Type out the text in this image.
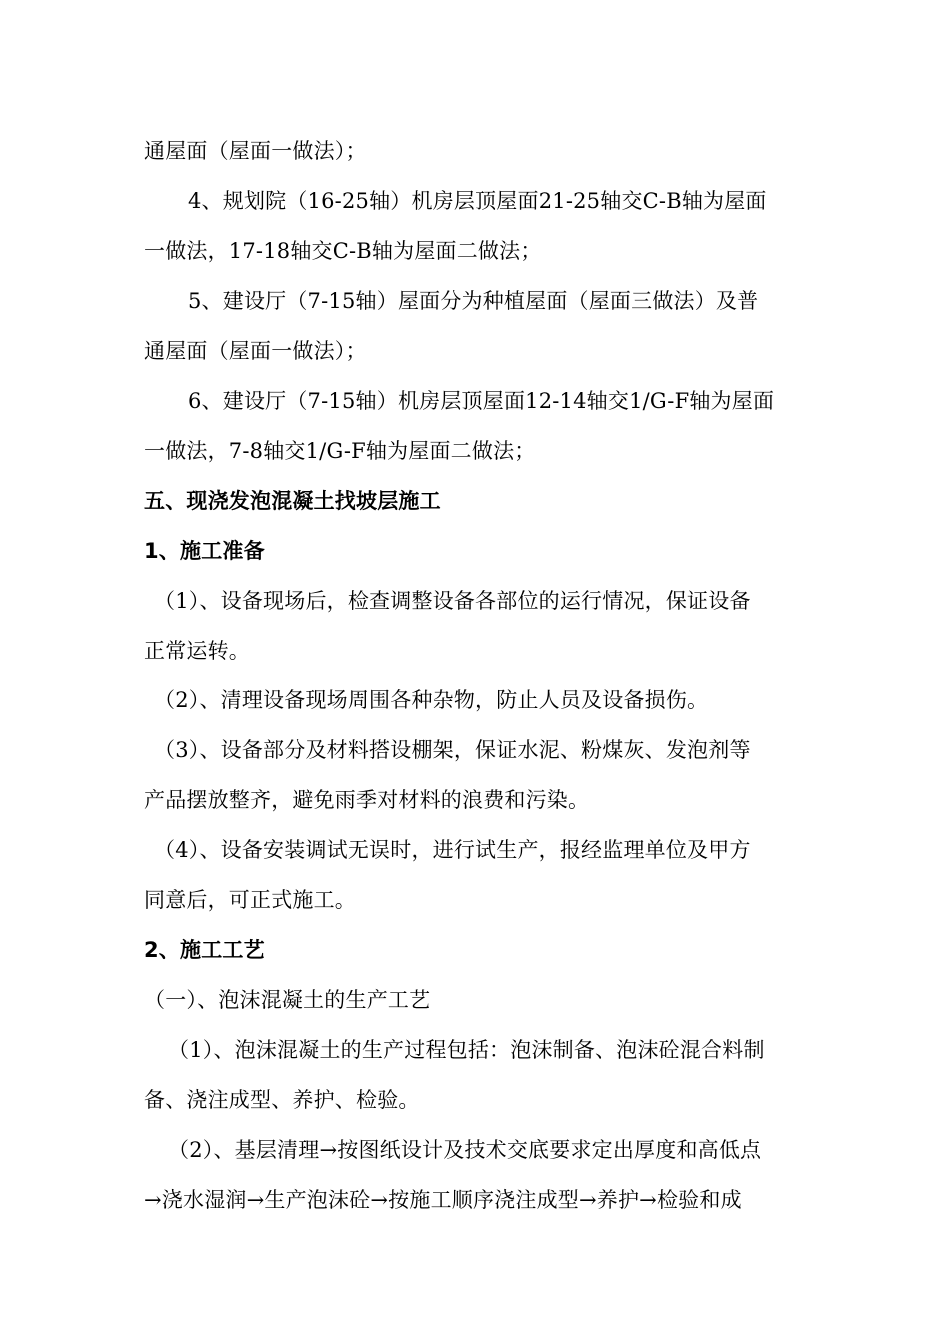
通屋面（屋面一做法）；
4、规划院（16-25轴）机房层顶屋面21-25轴交C-B轴为屋面
一做法，17-18轴交C-B轴为屋面二做法；
5、建设厅（7-15轴）屋面分为种植屋面（屋面三做法）及普
通屋面（屋面一做法）；
6、建设厅（7-15轴）机房层顶屋面12-14轴交1/G-F轴为屋面
一做法，7-8轴交1/G-F轴为屋面二做法；
五、现浇发泡混凝土找坡层施工
1、施工准备
（1）、设备现场后，检查调整设备各部位的运行情况，保证设备
正常运转。
（2）、清理设备现场周围各种杂物，防止人员及设备损伤。
（3）、设备部分及材料搭设棚架，保证水泥、粉煤灰、发泡剂等
产品摆放整齐，避免雨季对材料的浪费和污染。
（4）、设备安装调试无误时，进行试生产，报经监理单位及甲方
同意后，可正式施工。
2、施工工艺
（一）、泡沫混凝土的生产工艺
（1）、泡沫混凝土的生产过程包括：泡沫制备、泡沫砼混合料制
备、浇注成型、养护、检验。
（2）、基层清理→按图纸设计及技术交底要求定出厚度和高低点
→浇水湿润→生产泡沫砼→按施工顺序浇注成型→养护→检验和成
